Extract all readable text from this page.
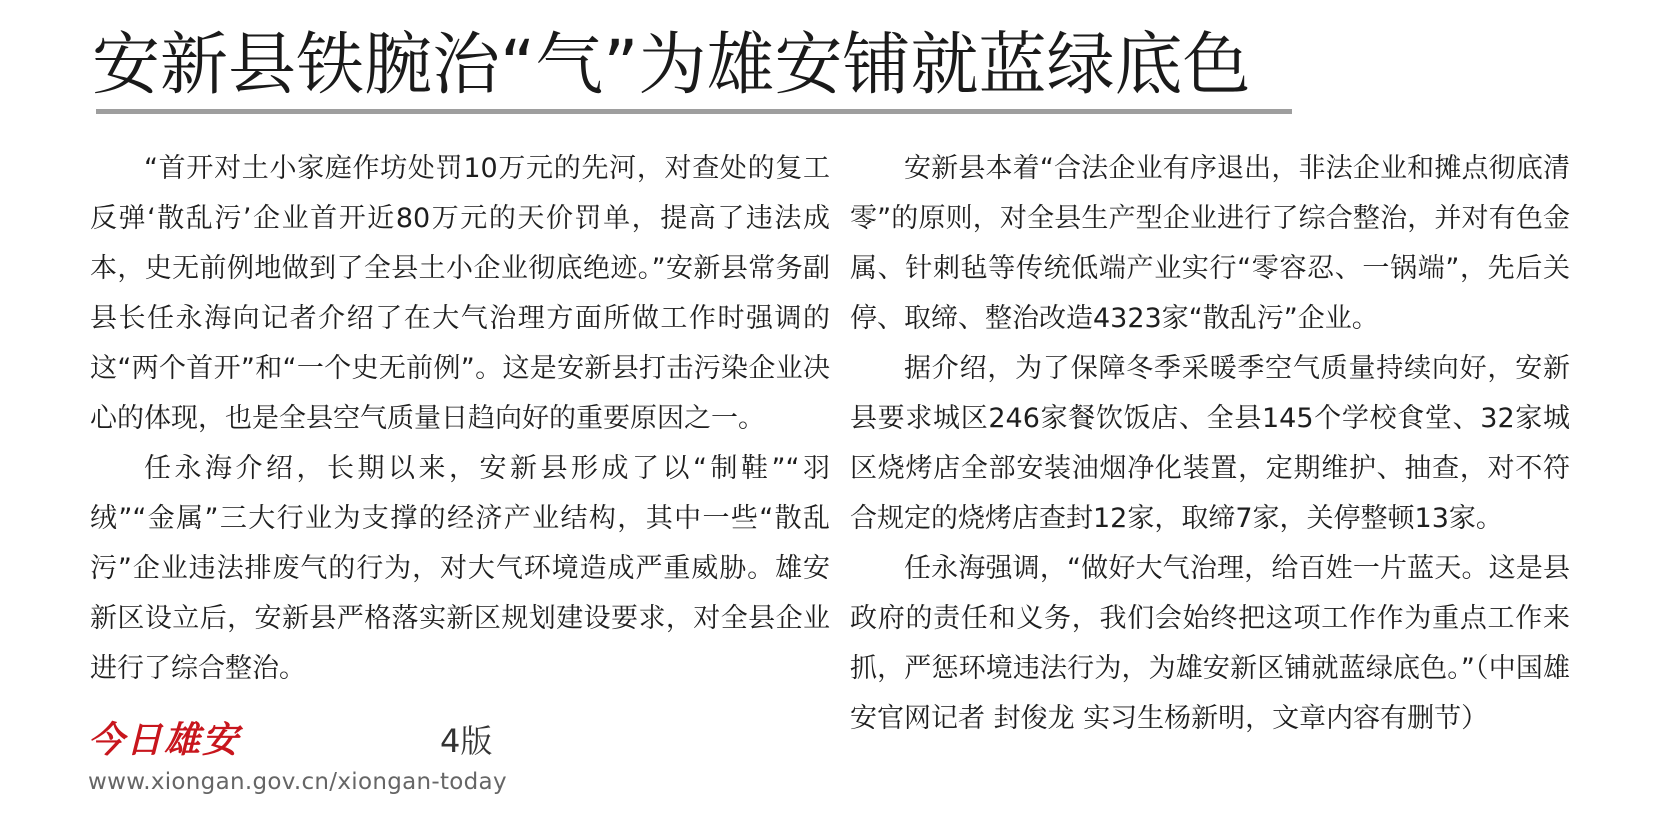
安新县铁腕治“气”为雄安铺就蓝绿底色

“首开对土小家庭作坊处罚10万元的先河，对查处的复工反弹‘散乱污’企业首开近80万元的天价罚单，提高了违法成本，史无前例地做到了全县土小企业彻底绝迹。”安新县常务副县长任永海向记者介绍了在大气治理方面所做工作时强调的这“两个首开”和“一个史无前例”。这是安新县打击污染企业决心的体现，也是全县空气质量日趋向好的重要原因之一。

任永海介绍，长期以来，安新县形成了以“制鞋”“羽绒”“金属”三大行业为支撑的经济产业结构，其中一些“散乱污”企业违法排废气的行为，对大气环境造成严重威胁。雄安新区设立后，安新县严格落实新区规划建设要求，对全县企业进行了综合整治。

安新县本着“合法企业有序退出，非法企业和摊点彻底清零”的原则，对全县生产型企业进行了综合整治，并对有色金属、针刺毡等传统低端产业实行“零容忍、一锅端”，先后关停、取缔、整治改造4323家“散乱污”企业。

据介绍，为了保障冬季采暖季空气质量持续向好，安新县要求城区246家餐饮饭店、全县145个学校食堂、32家城区烧烤店全部安装油烟净化装置，定期维护、抽查，对不符合规定的烧烤店查封12家，取缔7家，关停整顿13家。

任永海强调，“做好大气治理，给百姓一片蓝天。这是县政府的责任和义务，我们会始终把这项工作作为重点工作来抓，严惩环境违法行为，为雄安新区铺就蓝绿底色。”（中国雄安官网记者 封俊龙 实习生杨新明，文章内容有删节）

今日雄安	4版
www.xiongan.gov.cn/xiongan-today
